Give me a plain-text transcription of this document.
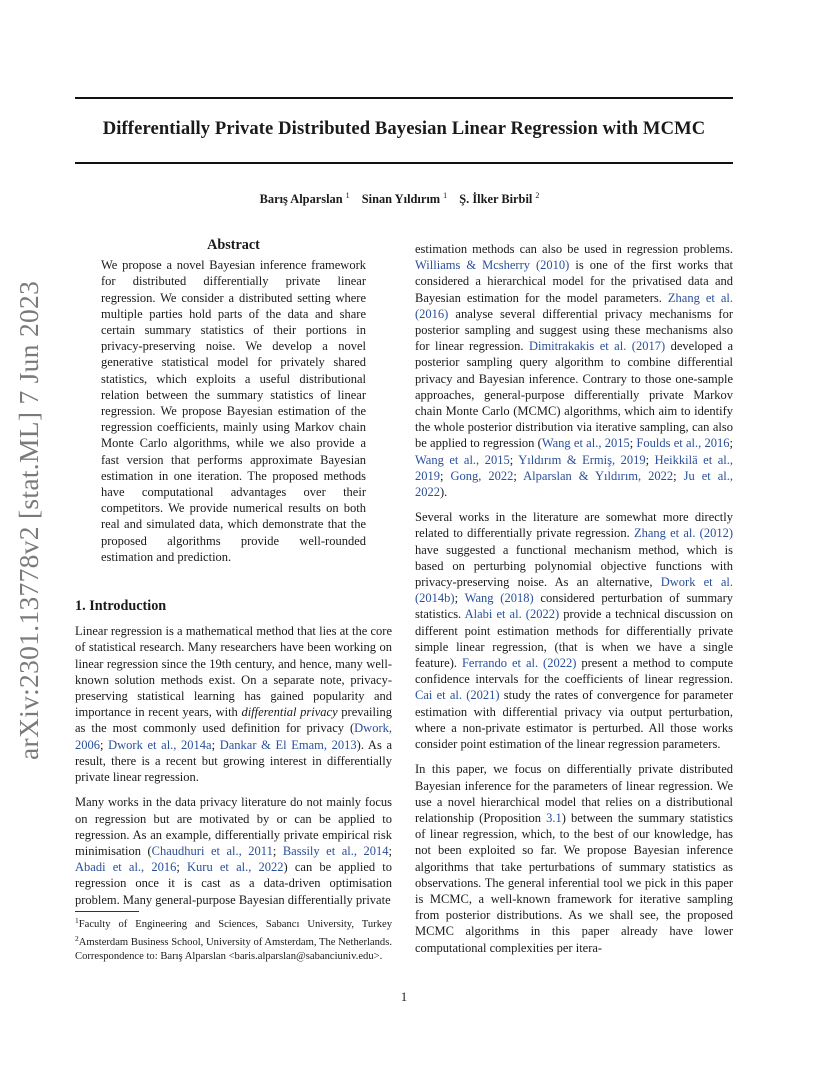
arXiv:2301.13778v2 [stat.ML] 7 Jun 2023
Differentially Private Distributed Bayesian Linear Regression with MCMC
Barış Alparslan $^1$ Sinan Yıldırım $^1$ Ş. İlker Birbil $^2$
Abstract
We propose a novel Bayesian inference framework for distributed differentially private linear regression. We consider a distributed setting where multiple parties hold parts of the data and share certain summary statistics of their portions in privacy-preserving noise. We develop a novel generative statistical model for privately shared statistics, which exploits a useful distributional relation between the summary statistics of linear regression. We propose Bayesian estimation of the regression coefficients, mainly using Markov chain Monte Carlo algorithms, while we also provide a fast version that performs approximate Bayesian estimation in one iteration. The proposed methods have computational advantages over their competitors. We provide numerical results on both real and simulated data, which demonstrate that the proposed algorithms provide well-rounded estimation and prediction.
1. Introduction

Linear regression is a mathematical method that lies at the core of statistical research. Many researchers have been working on linear regression since the 19th century, and hence, many well-known solution methods exist. On a separate note, privacy-preserving statistical learning has gained popularity and importance in recent years, with differential privacy prevailing as the most commonly used definition for privacy (Dwork, 2006; Dwork et al., 2014a; Dankar & El Emam, 2013). As a result, there is a recent but growing interest in differentially private linear regression.

Many works in the data privacy literature do not mainly focus on regression but are motivated by or can be applied to regression. As an example, differentially private empirical risk minimisation (Chaudhuri et al., 2011; Bassily et al., 2014; Abadi et al., 2016; Kuru et al., 2022) can be applied to regression once it is cast as a data-driven optimisation problem. Many general-purpose Bayesian differentially private

$^1$Faculty of Engineering and Sciences, Sabancı University, Turkey $^2$Amsterdam Business School, University of Amsterdam, The Netherlands. Correspondence to: Barış Alparslan <baris.alparslan@sabanciuniv.edu>.

estimation methods can also be used in regression problems. Williams & Mcsherry (2010) is one of the first works that considered a hierarchical model for the privatised data and Bayesian estimation for the model parameters. Zhang et al. (2016) analyse several differential privacy mechanisms for posterior sampling and suggest using these mechanisms also for linear regression. Dimitrakakis et al. (2017) developed a posterior sampling query algorithm to combine differential privacy and Bayesian inference. Contrary to those one-sample approaches, general-purpose differentially private Markov chain Monte Carlo (MCMC) algorithms, which aim to identify the whole posterior distribution via iterative sampling, can also be applied to regression (Wang et al., 2015; Foulds et al., 2016; Wang et al., 2015; Yıldırım & Ermiş, 2019; Heikkilä et al., 2019; Gong, 2022; Alparslan & Yıldırım, 2022; Ju et al., 2022).

Several works in the literature are somewhat more directly related to differentially private regression. Zhang et al. (2012) have suggested a functional mechanism method, which is based on perturbing polynomial objective functions with privacy-preserving noise. As an alternative, Dwork et al. (2014b); Wang (2018) considered perturbation of summary statistics. Alabi et al. (2022) provide a technical discussion on different point estimation methods for differentially private simple linear regression, (that is when we have a single feature). Ferrando et al. (2022) present a method to compute confidence intervals for the coefficients of linear regression. Cai et al. (2021) study the rates of convergence for parameter estimation with differential privacy via output perturbation, where a non-private estimator is perturbed. All those works consider point estimation of the linear regression parameters.

In this paper, we focus on differentially private distributed Bayesian inference for the parameters of linear regression. We use a novel hierarchical model that relies on a distributional relationship (Proposition 3.1) between the summary statistics of linear regression, which, to the best of our knowledge, has not been exploited so far. We propose Bayesian inference algorithms that take perturbations of summary statistics as observations. The general inferential tool we pick in this paper is MCMC, a well-known framework for iterative sampling from posterior distributions. As we shall see, the proposed MCMC algorithms in this paper already have lower computational complexities per itera-

1
